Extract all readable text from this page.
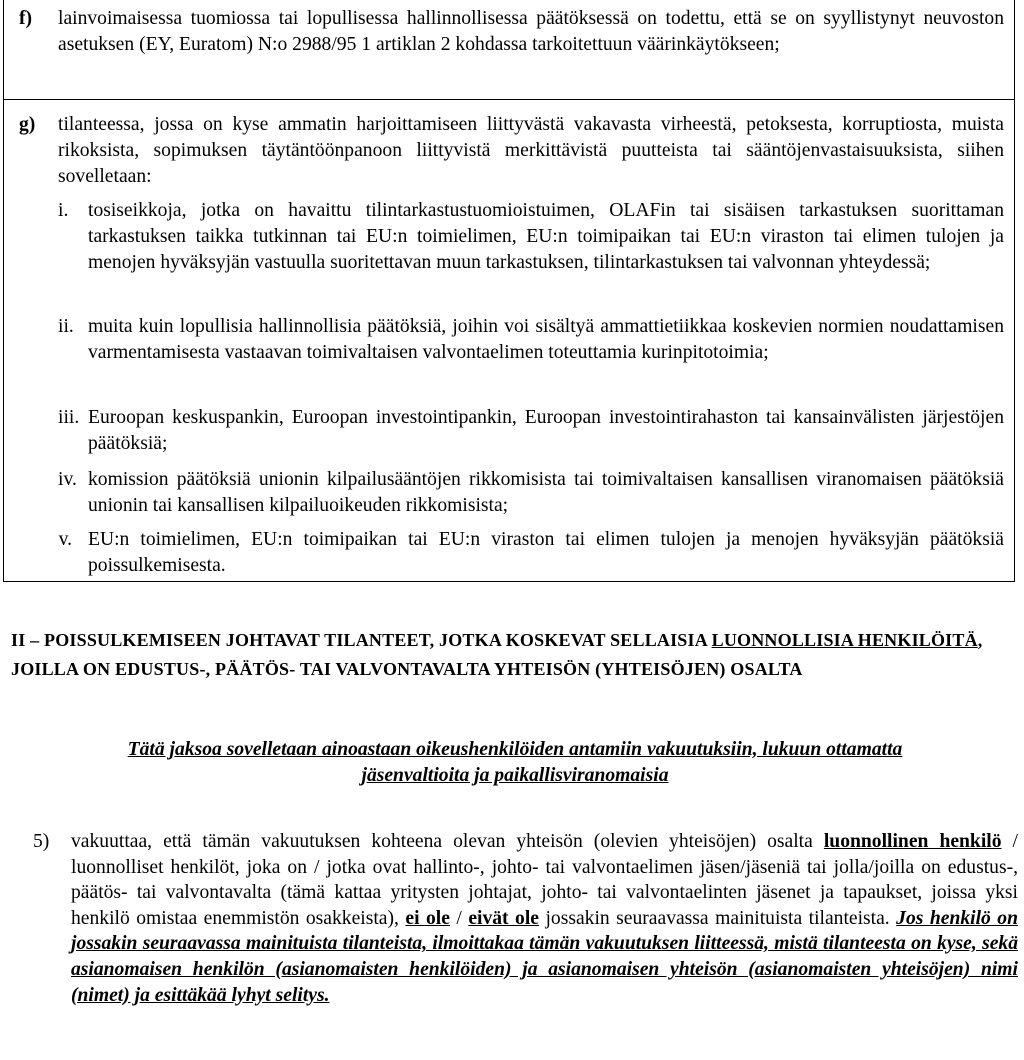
f) lainvoimaisessa tuomiossa tai lopullisessa hallinnollisessa päätöksessä on todettu, että se on syyllistynyt neuvoston asetuksen (EY, Euratom) N:o 2988/95 1 artiklan 2 kohdassa tarkoitettuun väärinkäytökseen;
g) tilanteessa, jossa on kyse ammatin harjoittamiseen liittyvästä vakavasta virheestä, petoksesta, korruptiosta, muista rikoksista, sopimuksen täytäntöönpanoon liittyvistä merkittävistä puutteista tai sääntöjenvastaisuuksista, siihen sovelletaan:
i. tosiseikkoja, jotka on havaittu tilintarkastustuomioistuimen, OLAFin tai sisäisen tarkastuksen suorittaman tarkastuksen taikka tutkinnan tai EU:n toimielimen, EU:n toimipaikan tai EU:n viraston tai elimen tulojen ja menojen hyväksyjän vastuulla suoritettavan muun tarkastuksen, tilintarkastuksen tai valvonnan yhteydessä;
ii. muita kuin lopullisia hallinnollisia päätöksiä, joihin voi sisältyä ammattietiikkaa koskevien normien noudattamisen varmentamisesta vastaavan toimivaltaisen valvontaelimen toteuttamia kurinpitotoimia;
iii. Euroopan keskuspankin, Euroopan investointipankin, Euroopan investointirahaston tai kansainvälisten järjestöjen päätöksiä;
iv. komission päätöksiä unionin kilpailusääntöjen rikkomisista tai toimivaltaisen kansallisen viranomaisen päätöksiä unionin tai kansallisen kilpailuoikeuden rikkomisista;
v. EU:n toimielimen, EU:n toimipaikan tai EU:n viraston tai elimen tulojen ja menojen hyväksyjän päätöksiä poissulkemisesta.
II – POISSULKEMISEEN JOHTAVAT TILANTEET, JOTKA KOSKEVAT SELLAISIA LUONNOLLISIA HENKILÖITÄ, JOILLA ON EDUSTUS-, PÄÄTÖS- TAI VALVONTAVALTA YHTEISÖN (YHTEISÖJEN) OSALTA
Tätä jaksoa sovelletaan ainoastaan oikeushenkilöiden antamiin vakuutuksiin, lukuun ottamatta jäsenvaltioita ja paikallisviranomaisia
5) vakuuttaa, että tämän vakuutuksen kohteena olevan yhteisön (olevien yhteisöjen) osalta luonnollinen henkilö / luonnolliset henkilöt, joka on / jotka ovat hallinto-, johto- tai valvontaelimen jäsen/jäseniä tai jolla/joilla on edustus-, päätös- tai valvontavalta (tämä kattaa yritysten johtajat, johto- tai valvontaelinten jäsenet ja tapaukset, joissa yksi henkilö omistaa enemmistön osakkeista), ei ole / eivät ole jossakin seuraavassa mainituista tilanteista. Jos henkilö on jossakin seuraavassa mainituista tilanteista, ilmoittakaa tämän vakuutuksen liitteessä, mistä tilanteesta on kyse, sekä asianomaisen henkilön (asianomaisten henkilöiden) ja asianomaisen yhteisön (asianomaisten yhteisöjen) nimi (nimet) ja esittäkää lyhyt selitys.
